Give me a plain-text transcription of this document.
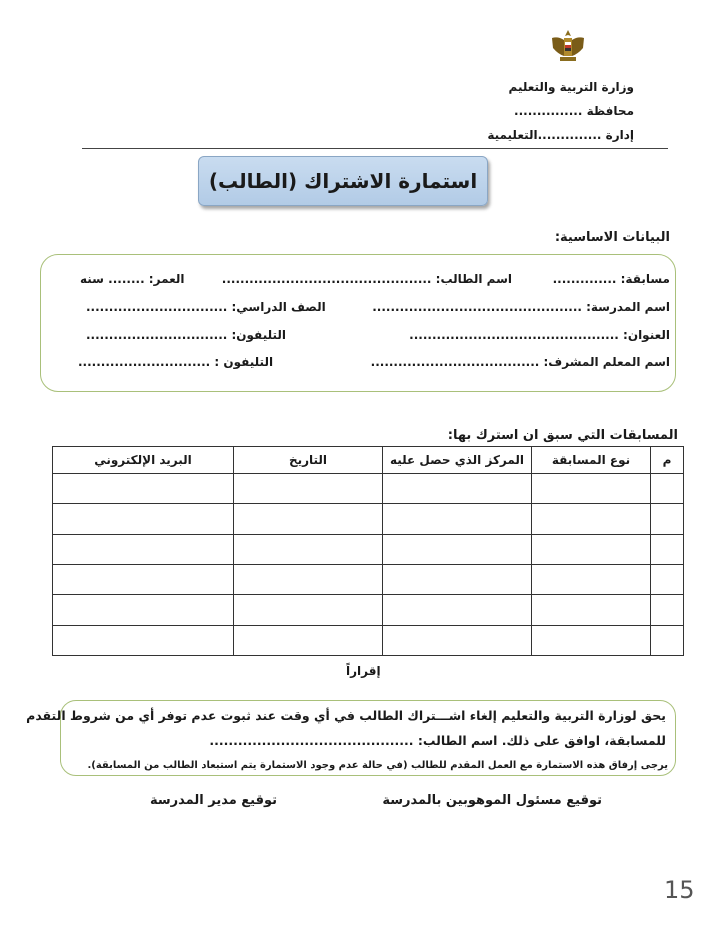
وزارة التربية والتعليم
محافظة ...............
إدارة ..............التعليمية
استمارة الاشتراك (الطالب)
البيانات الاساسية:
مسابقة: ..............
اسم الطالب: ..............................................
العمر: ........ سنه
اسم المدرسة: ..............................................
الصف الدراسي: ...............................
العنوان: ..............................................
التليفون: ...............................
اسم المعلم المشرف: .....................................
التليفون : .............................
المسابقات التي سبق ان استرك بها:
م	نوع المسابقة	المركز الذي حصل عليه	التاريخ	البريد الإلكتروني

إقراراً
يحق لوزارة التربية والتعليم إلغاء اشـــتراك الطالب في أي وقت عند ثبوت عدم توفر أي من شروط التقدم
للمسابقة، اوافق على ذلك. اسم الطالب: ...........................................
يرجى إرفاق هذه الاستمارة مع العمل المقدم للطالب (في حالة عدم وجود الاستمارة يتم استبعاد الطالب من المسابقة).
توقيع مسئول الموهوبين بالمدرسة
توقيع مدير المدرسة
15
